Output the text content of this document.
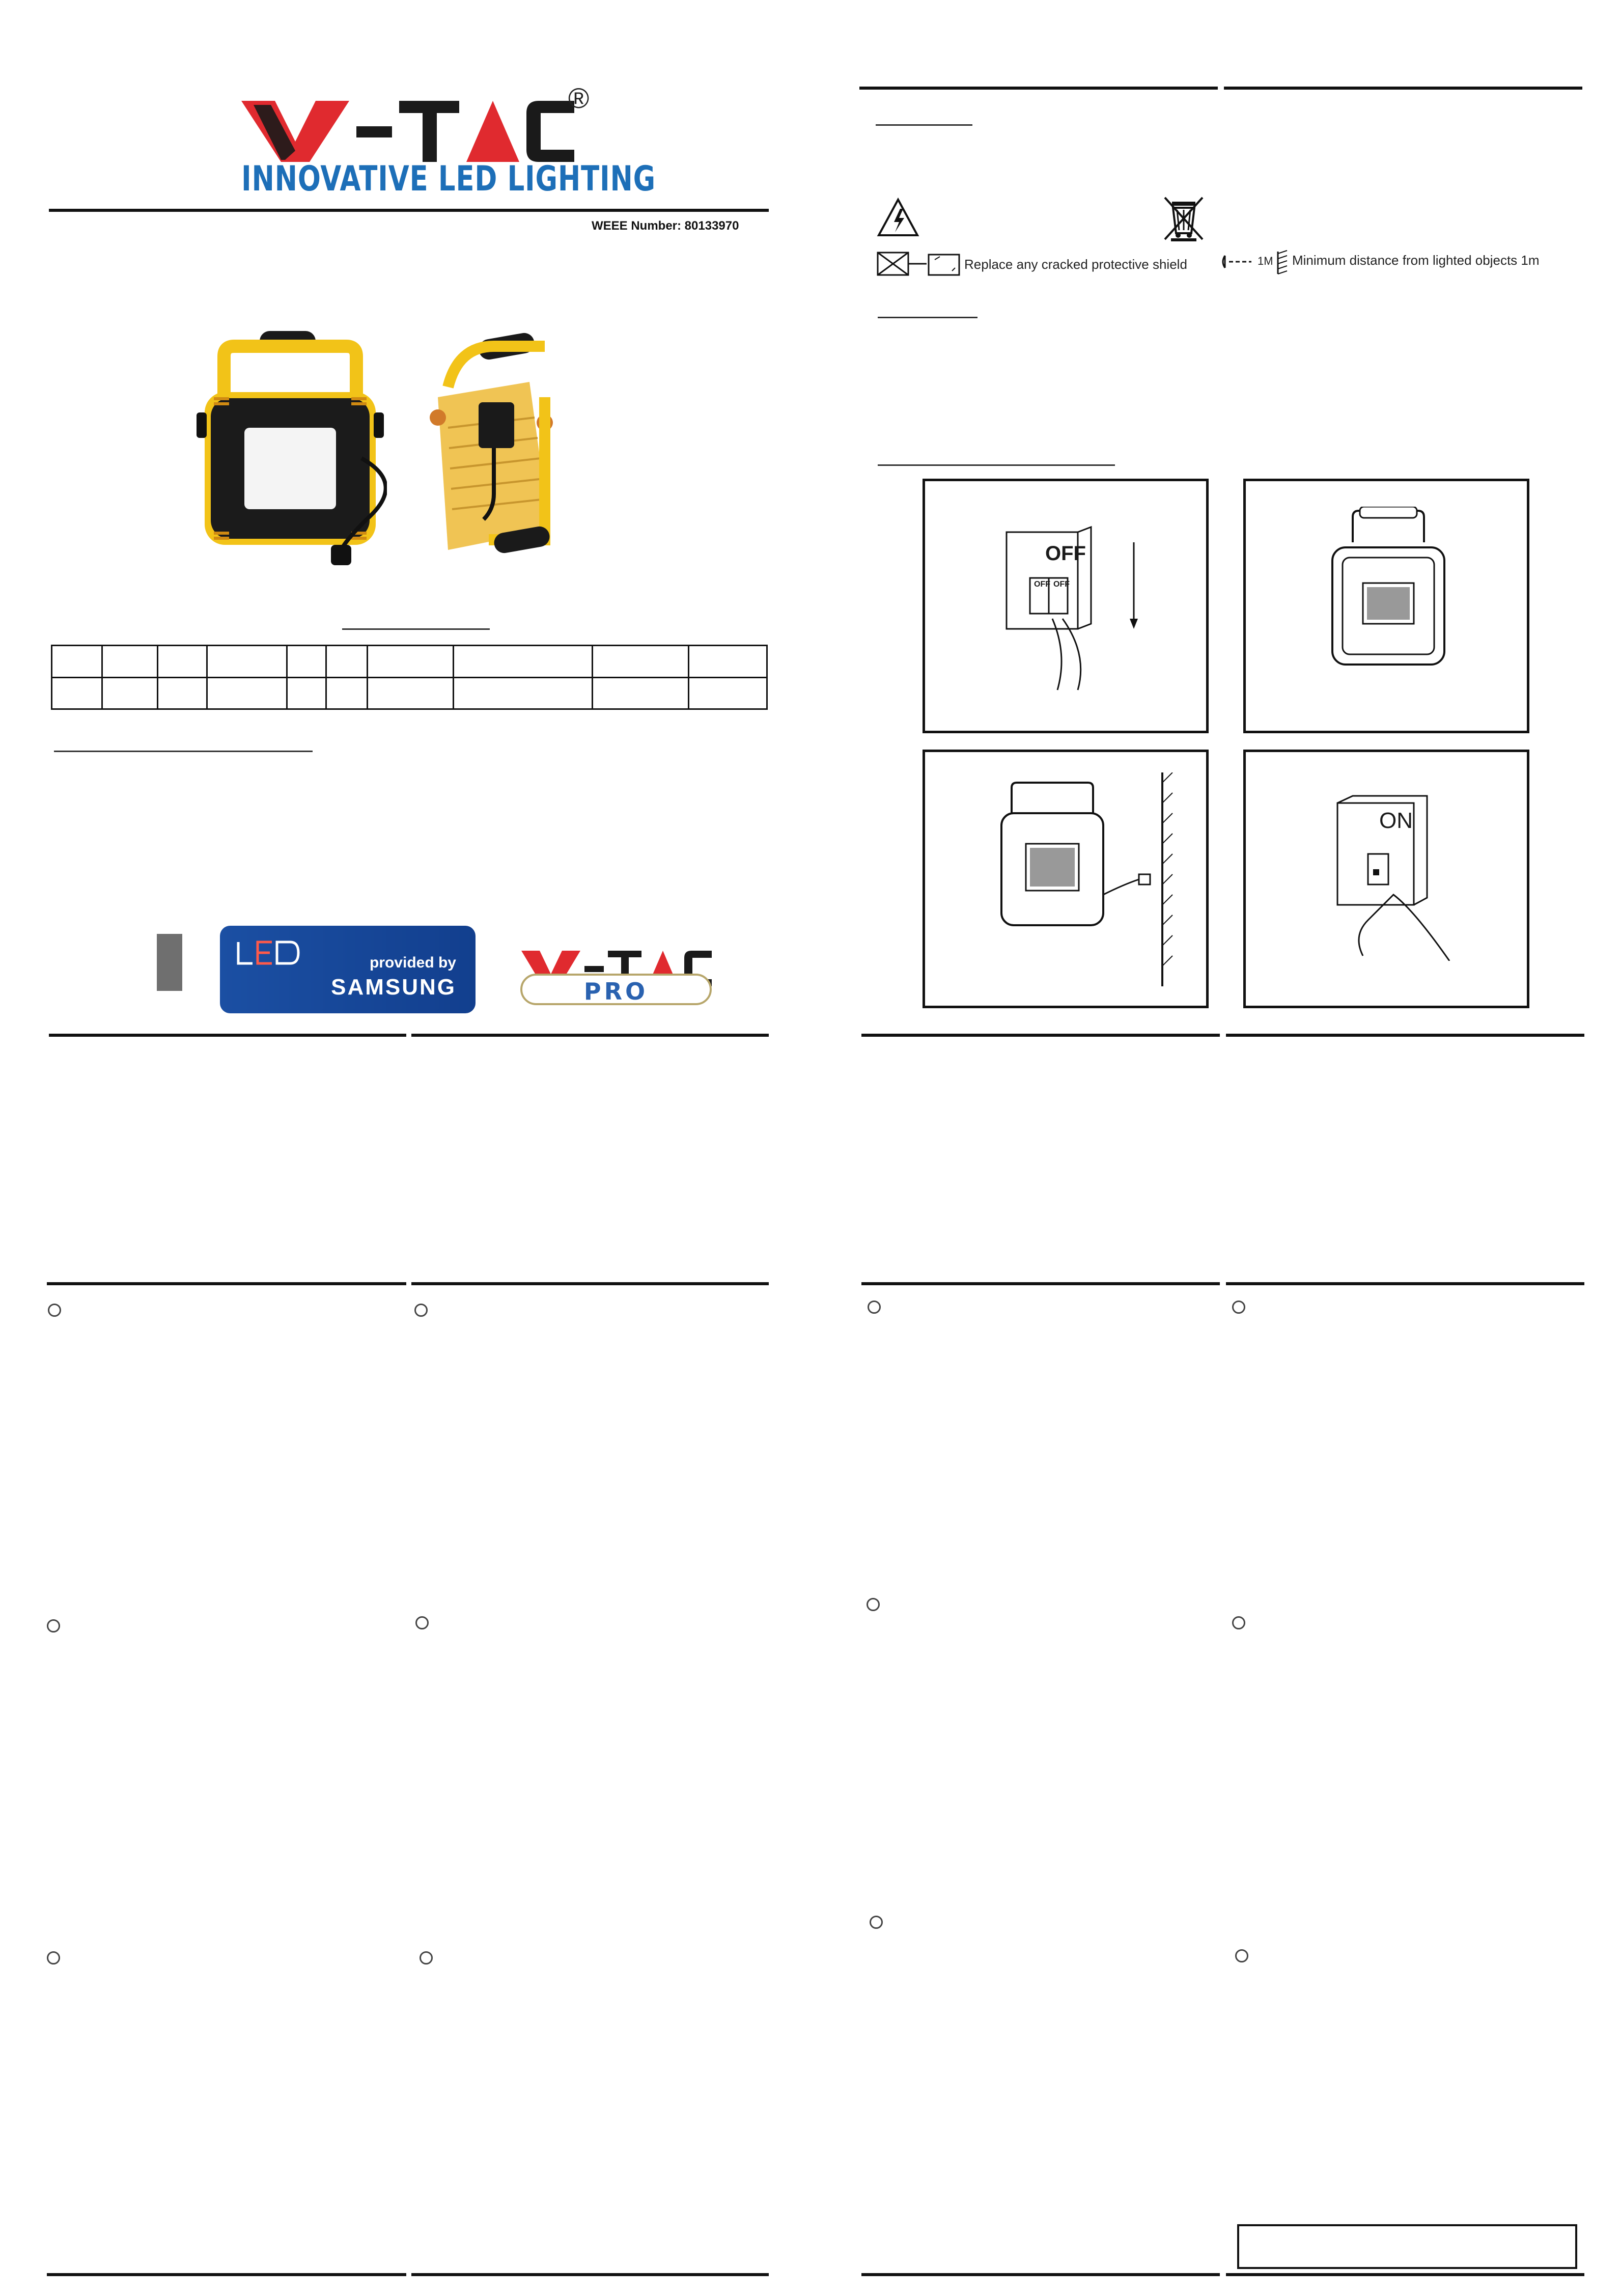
®
INNOVATIVE LED LIGHTING
WEEE Number: 80133970

provided by
SAMSUNG	PRO
Replace any cracked protective shield	1M Minimum distance from lighted objects 1m
OFF
OFF OFF
ON
